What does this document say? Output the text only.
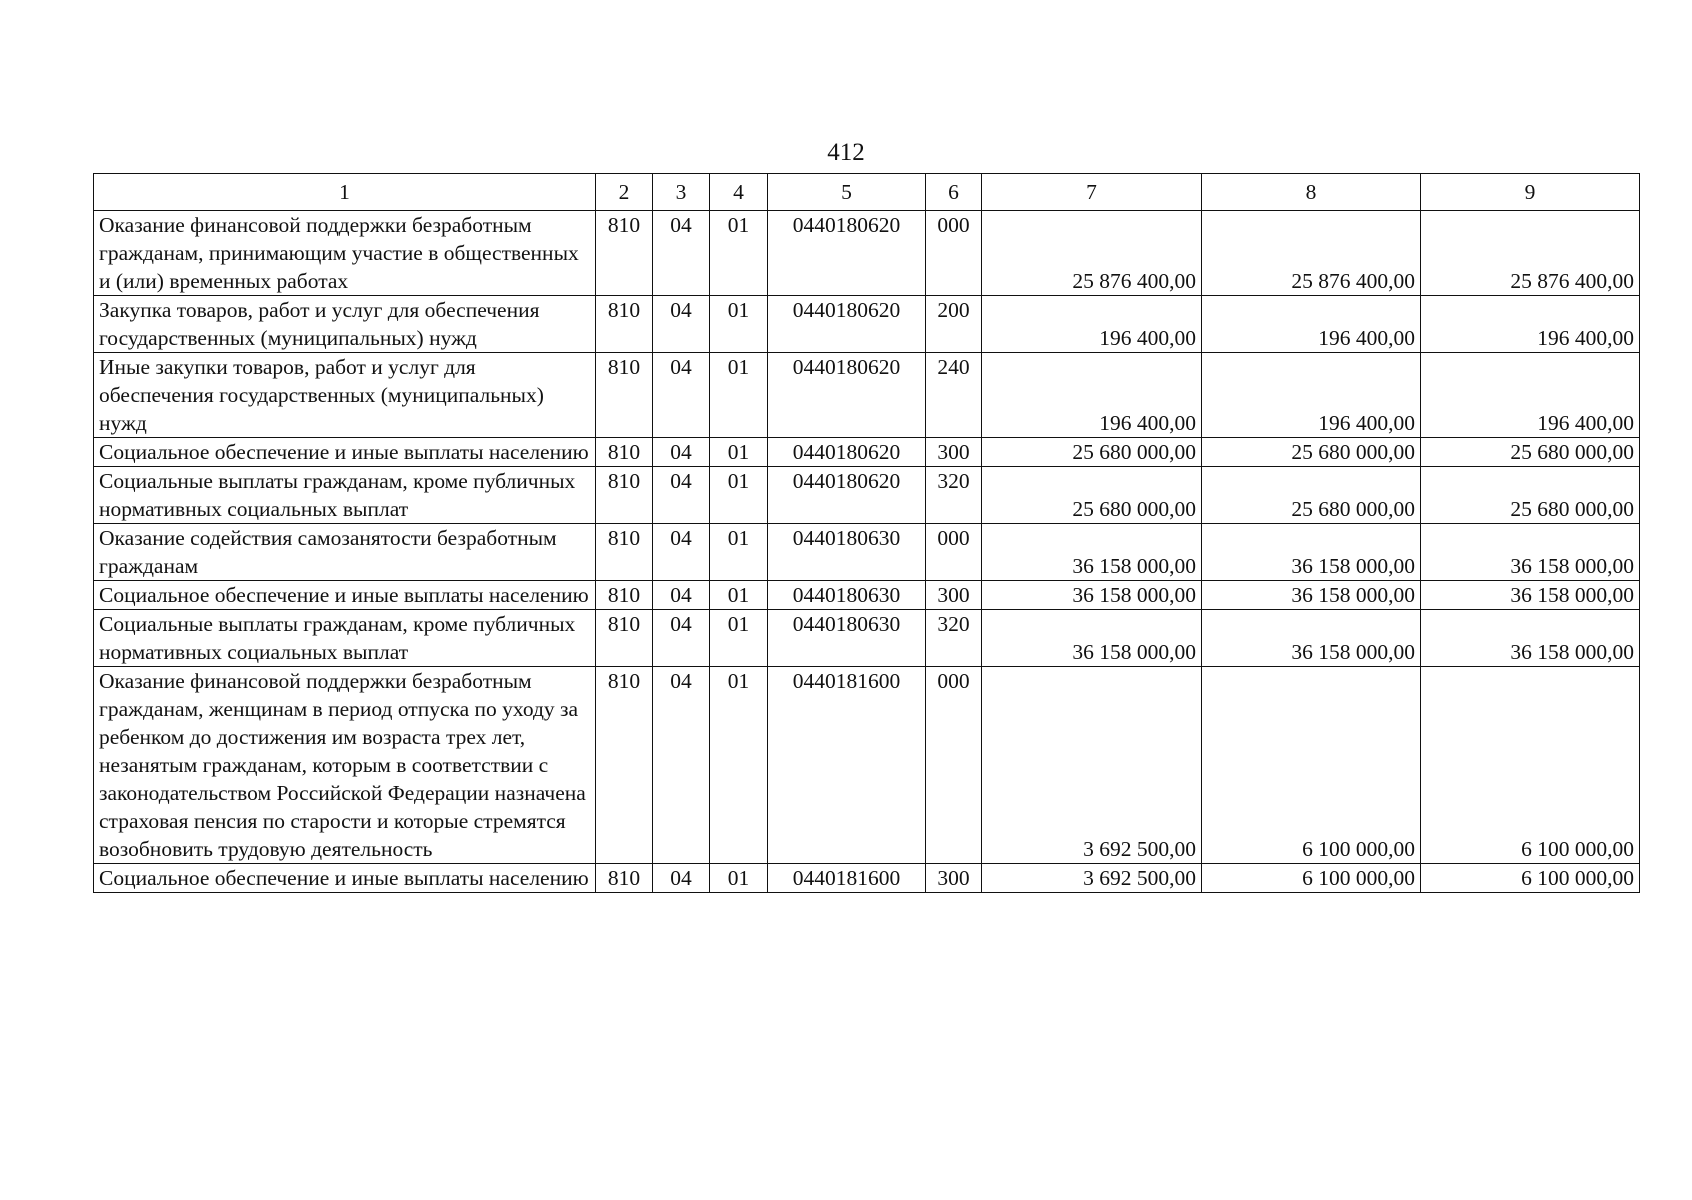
412
1	2	3	4	5	6	7	8	9
Оказание финансовой поддержки безработным гражданам, принимающим участие в общественных и (или) временных работах	810	04	01	0440180620	000	25 876 400,00	25 876 400,00	25 876 400,00
Закупка товаров, работ и услуг для обеспечения государственных (муниципальных) нужд	810	04	01	0440180620	200	196 400,00	196 400,00	196 400,00
Иные закупки товаров, работ и услуг для обеспечения государственных (муниципальных) нужд	810	04	01	0440180620	240	196 400,00	196 400,00	196 400,00
Социальное обеспечение и иные выплаты населению	810	04	01	0440180620	300	25 680 000,00	25 680 000,00	25 680 000,00
Социальные выплаты гражданам, кроме публичных нормативных социальных выплат	810	04	01	0440180620	320	25 680 000,00	25 680 000,00	25 680 000,00
Оказание содействия самозанятости безработным гражданам	810	04	01	0440180630	000	36 158 000,00	36 158 000,00	36 158 000,00
Социальное обеспечение и иные выплаты населению	810	04	01	0440180630	300	36 158 000,00	36 158 000,00	36 158 000,00
Социальные выплаты гражданам, кроме публичных нормативных социальных выплат	810	04	01	0440180630	320	36 158 000,00	36 158 000,00	36 158 000,00
Оказание финансовой поддержки безработным гражданам, женщинам в период отпуска по уходу за ребенком до достижения им возраста трех лет, незанятым гражданам, которым в соответствии с законодательством Российской Федерации назначена страховая пенсия по старости и которые стремятся возобновить трудовую деятельность	810	04	01	0440181600	000	3 692 500,00	6 100 000,00	6 100 000,00
Социальное обеспечение и иные выплаты населению	810	04	01	0440181600	300	3 692 500,00	6 100 000,00	6 100 000,00
